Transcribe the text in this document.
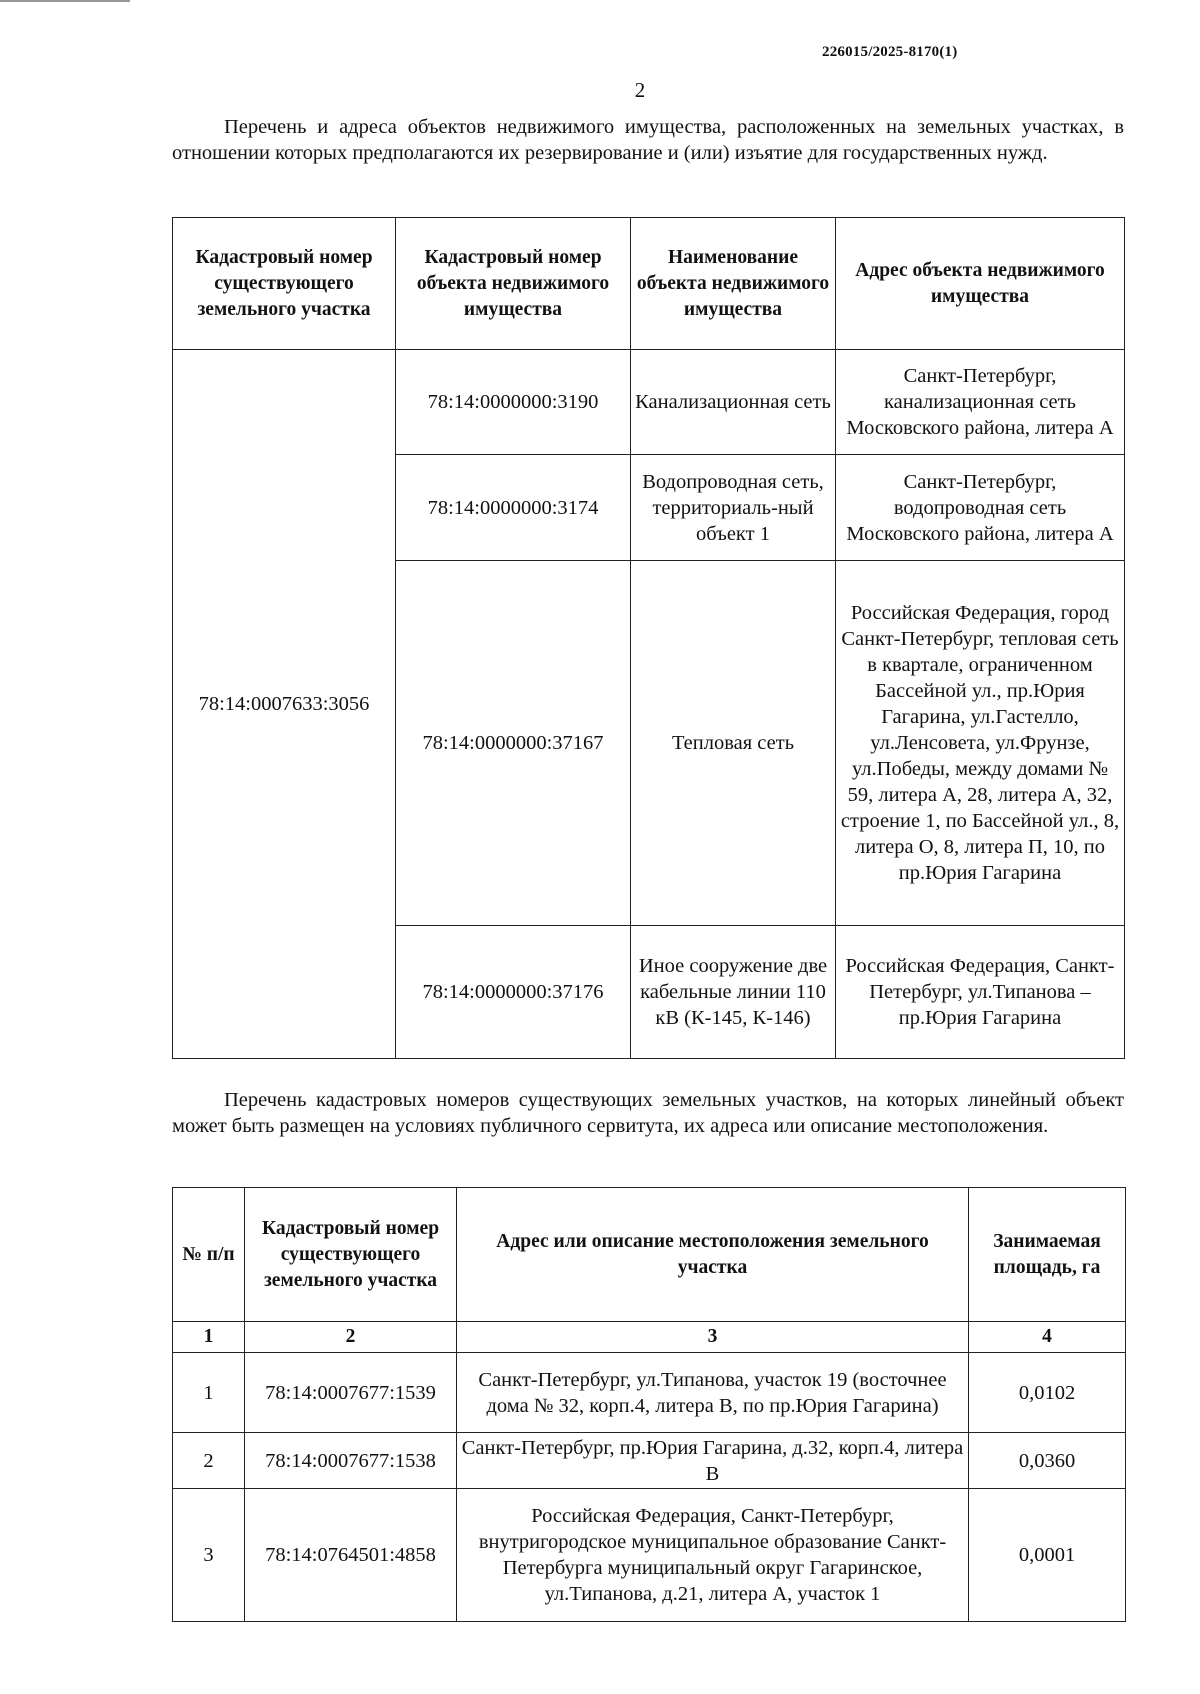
226015/2025-8170(1)
2

Перечень и адреса объектов недвижимого имущества, расположенных на земельных участках, в отношении которых предполагаются их резервирование и (или) изъятие для государственных нужд.

Кадастровый номер существующего земельного участка	Кадастровый номер объекта недвижимого имущества	Наименование объекта недвижимого имущества	Адрес объекта недвижимого имущества
78:14:0007633:3056	78:14:0000000:3190	Канализационная сеть	Санкт-Петербург, канализационная сеть Московского района, литера А
	78:14:0000000:3174	Водопроводная сеть, территориаль-ный объект 1	Санкт-Петербург, водопроводная сеть Московского района, литера А
	78:14:0000000:37167	Тепловая сеть	Российская Федерация, город Санкт-Петербург, тепловая сеть в квартале, ограниченном Бассейной ул., пр.Юрия Гагарина, ул.Гастелло, ул.Ленсовета, ул.Фрунзе, ул.Победы, между домами № 59, литера А, 28, литера А, 32, строение 1, по Бассейной ул., 8, литера О, 8, литера П, 10, по пр.Юрия Гагарина
	78:14:0000000:37176	Иное сооружение две кабельные линии 110 кВ (К-145, К-146)	Российская Федерация, Санкт-Петербург, ул.Типанова – пр.Юрия Гагарина

Перечень кадастровых номеров существующих земельных участков, на которых линейный объект может быть размещен на условиях публичного сервитута, их адреса или описание местоположения.

№ п/п	Кадастровый номер существующего земельного участка	Адрес или описание местоположения земельного участка	Занимаемая площадь, га
1	2	3	4
1	78:14:0007677:1539	Санкт-Петербург, ул.Типанова, участок 19 (восточнее дома № 32, корп.4, литера В, по пр.Юрия Гагарина)	0,0102
2	78:14:0007677:1538	Санкт-Петербург, пр.Юрия Гагарина, д.32, корп.4, литера В	0,0360
3	78:14:0764501:4858	Российская Федерация, Санкт-Петербург, внутригородское муниципальное образование Санкт-Петербурга муниципальный округ Гагаринское, ул.Типанова, д.21, литера А, участок 1	0,0001
